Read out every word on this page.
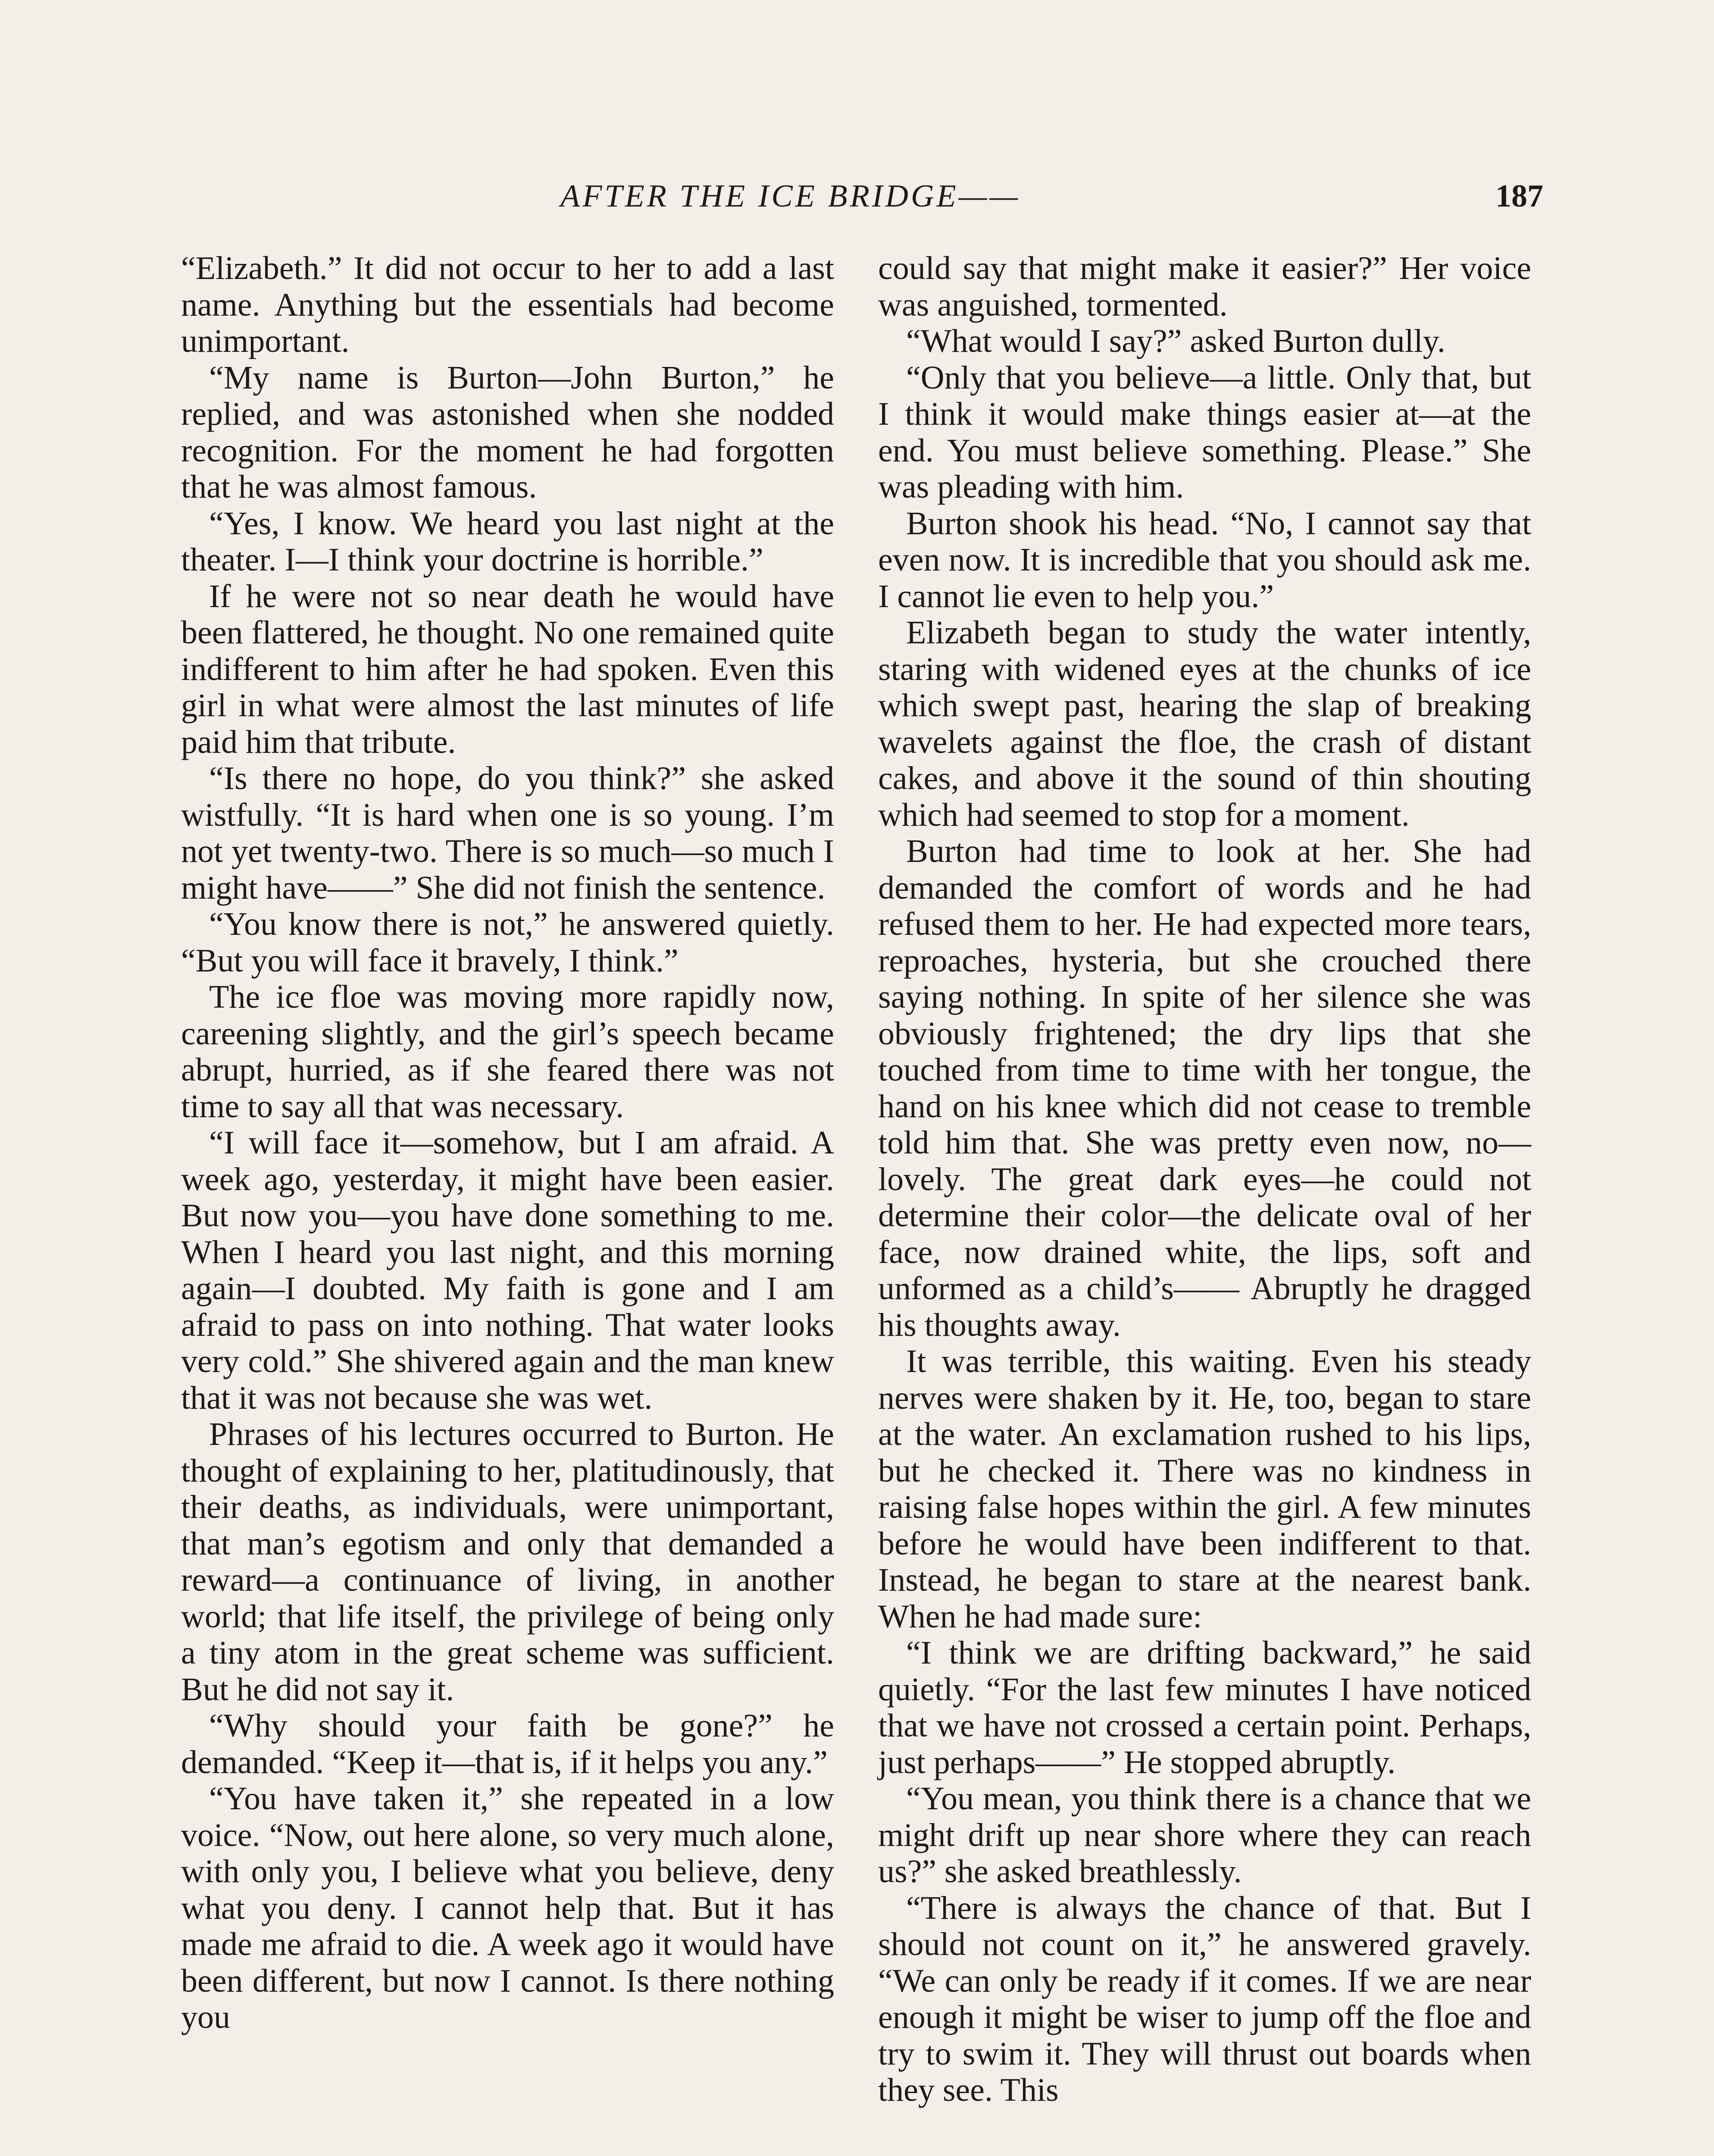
AFTER THE ICE BRIDGE——	187

“Elizabeth.” It did not occur to her to add a last name. Anything but the essentials had become unimportant.

“My name is Burton—John Burton,” he replied, and was astonished when she nodded recognition. For the moment he had forgotten that he was almost famous.

“Yes, I know. We heard you last night at the theater. I—I think your doctrine is horrible.”

If he were not so near death he would have been flattered, he thought. No one remained quite indifferent to him after he had spoken. Even this girl in what were almost the last minutes of life paid him that tribute.

“Is there no hope, do you think?” she asked wistfully. “It is hard when one is so young. I’m not yet twenty-two. There is so much—so much I might have——” She did not finish the sentence.

“You know there is not,” he answered quietly. “But you will face it bravely, I think.”

The ice floe was moving more rapidly now, careening slightly, and the girl’s speech became abrupt, hurried, as if she feared there was not time to say all that was necessary.

“I will face it—somehow, but I am afraid. A week ago, yesterday, it might have been easier. But now you—you have done something to me. When I heard you last night, and this morning again—I doubted. My faith is gone and I am afraid to pass on into nothing. That water looks very cold.” She shivered again and the man knew that it was not because she was wet.

Phrases of his lectures occurred to Burton. He thought of explaining to her, platitudinously, that their deaths, as individuals, were unimportant, that man’s egotism and only that demanded a reward—a continuance of living, in another world; that life itself, the privilege of being only a tiny atom in the great scheme was sufficient. But he did not say it.

“Why should your faith be gone?” he demanded. “Keep it—that is, if it helps you any.”

“You have taken it,” she repeated in a low voice. “Now, out here alone, so very much alone, with only you, I believe what you believe, deny what you deny. I cannot help that. But it has made me afraid to die. A week ago it would have been different, but now I cannot. Is there nothing you

could say that might make it easier?” Her voice was anguished, tormented.

“What would I say?” asked Burton dully.

“Only that you believe—a little. Only that, but I think it would make things easier at—at the end. You must believe something. Please.” She was pleading with him.

Burton shook his head. “No, I cannot say that even now. It is incredible that you should ask me. I cannot lie even to help you.”

Elizabeth began to study the water intently, staring with widened eyes at the chunks of ice which swept past, hearing the slap of breaking wavelets against the floe, the crash of distant cakes, and above it the sound of thin shouting which had seemed to stop for a moment.

Burton had time to look at her. She had demanded the comfort of words and he had refused them to her. He had expected more tears, reproaches, hysteria, but she crouched there saying nothing. In spite of her silence she was obviously frightened; the dry lips that she touched from time to time with her tongue, the hand on his knee which did not cease to tremble told him that. She was pretty even now, no—lovely. The great dark eyes—he could not determine their color—the delicate oval of her face, now drained white, the lips, soft and unformed as a child’s—— Abruptly he dragged his thoughts away.

It was terrible, this waiting. Even his steady nerves were shaken by it. He, too, began to stare at the water. An exclamation rushed to his lips, but he checked it. There was no kindness in raising false hopes within the girl. A few minutes before he would have been indifferent to that. Instead, he began to stare at the nearest bank. When he had made sure:

“I think we are drifting backward,” he said quietly. “For the last few minutes I have noticed that we have not crossed a certain point. Perhaps, just perhaps——” He stopped abruptly.

“You mean, you think there is a chance that we might drift up near shore where they can reach us?” she asked breathlessly.

“There is always the chance of that. But I should not count on it,” he answered gravely. “We can only be ready if it comes. If we are near enough it might be wiser to jump off the floe and try to swim it. They will thrust out boards when they see. This
